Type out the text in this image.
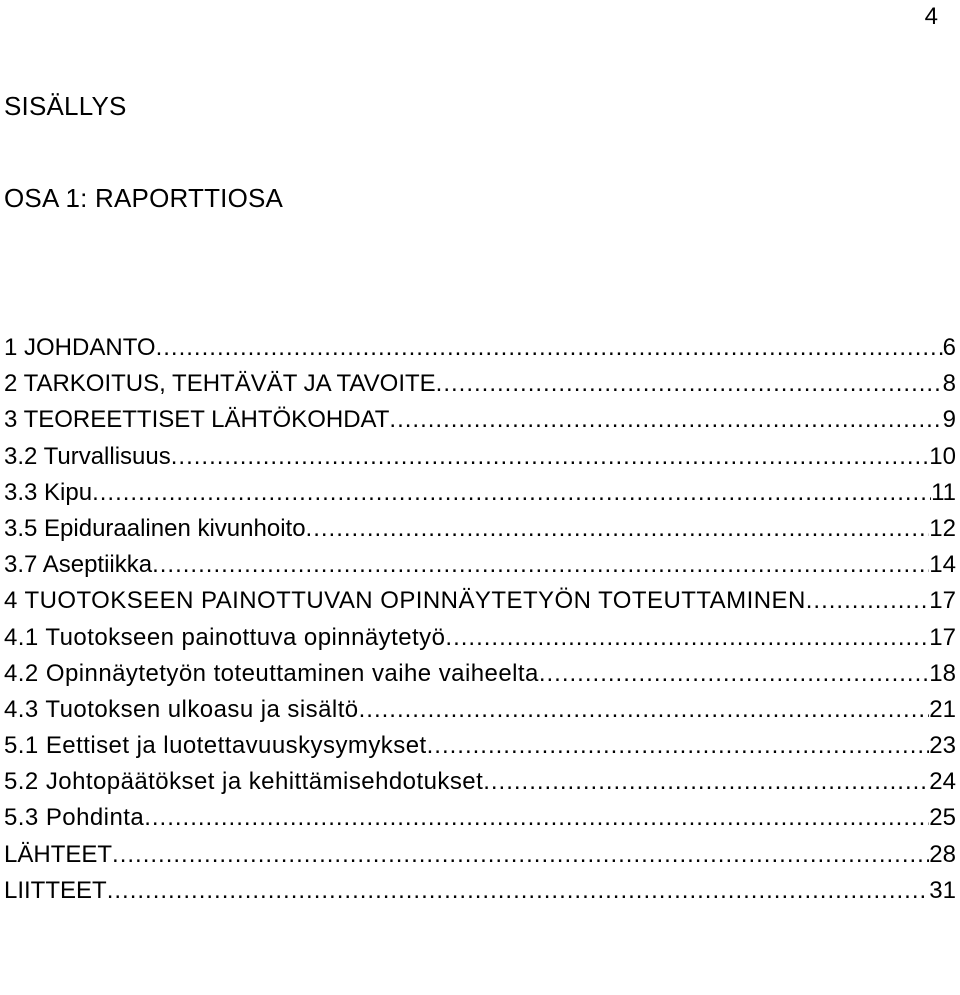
4
SISÄLLYS
OSA 1: RAPORTTIOSA
1 JOHDANTO .....	6
2 TARKOITUS, TEHTÄVÄT JA TAVOITE .....	8
3 TEOREETTISET LÄHTÖKOHDAT .....	9
3.2 Turvallisuus .....	10
3.3 Kipu .....	11
3.5 Epiduraalinen kivunhoito .....	12
3.7 Aseptiikka .....	14
4 TUOTOKSEEN PAINOTTUVAN OPINNÄYTETYÖN TOTEUTTAMINEN .....	17
4.1 Tuotokseen painottuva opinnäytetyö .....	17
4.2 Opinnäytetyön toteuttaminen vaihe vaiheelta .....	18
4.3 Tuotoksen ulkoasu ja sisältö .....	21
5.1 Eettiset ja luotettavuuskysymykset .....	23
5.2 Johtopäätökset ja kehittämisehdotukset .....	24
5.3 Pohdinta .....	25
LÄHTEET .....	28
LIITTEET .....	31
